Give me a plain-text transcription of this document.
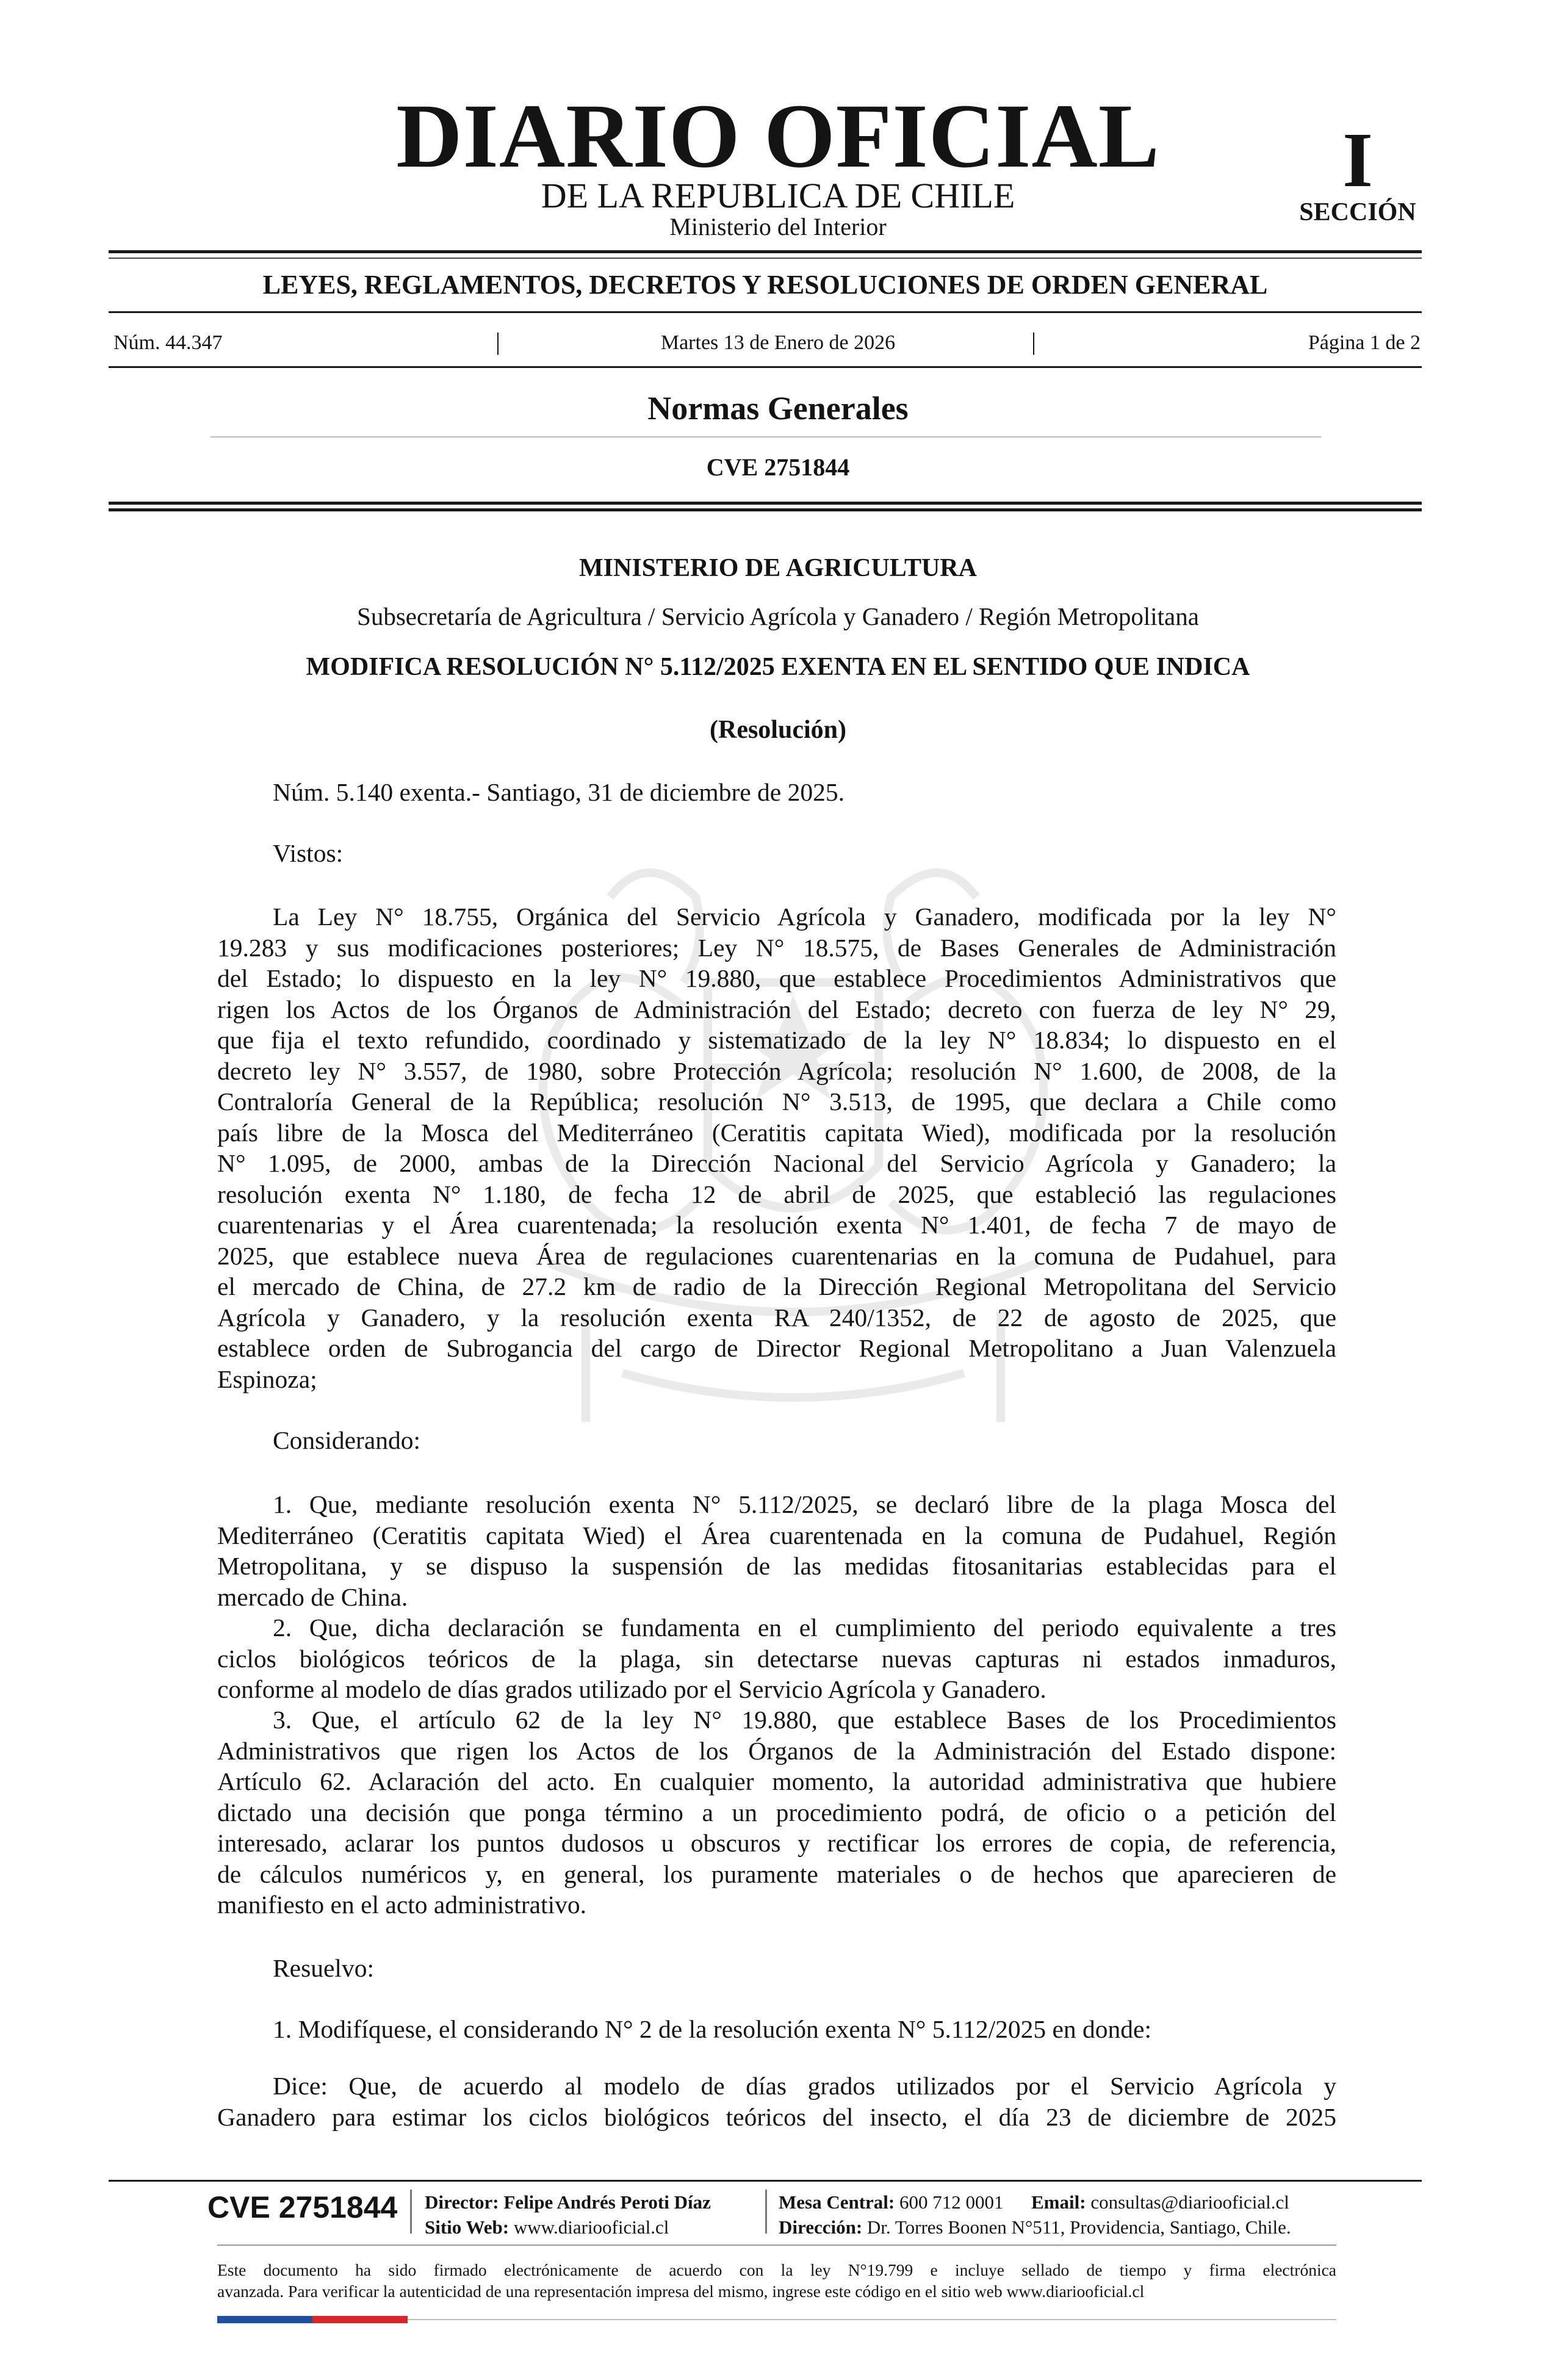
DIARIO OFICIAL
DE LA REPUBLICA DE CHILE
Ministerio del Interior
I
SECCIÓN
LEYES, REGLAMENTOS, DECRETOS Y RESOLUCIONES DE ORDEN GENERAL
Núm. 44.347	|	Martes 13 de Enero de 2026	|	Página 1 de 2
Normas Generales
CVE 2751844
MINISTERIO DE AGRICULTURA
Subsecretaría de Agricultura / Servicio Agrícola y Ganadero / Región Metropolitana
MODIFICA RESOLUCIÓN N° 5.112/2025 EXENTA EN EL SENTIDO QUE INDICA
(Resolución)
Núm. 5.140 exenta.- Santiago, 31 de diciembre de 2025.
Vistos:
La Ley N° 18.755, Orgánica del Servicio Agrícola y Ganadero, modificada por la ley N°
19.283 y sus modificaciones posteriores; Ley N° 18.575, de Bases Generales de Administración
del Estado; lo dispuesto en la ley N° 19.880, que establece Procedimientos Administrativos que
rigen los Actos de los Órganos de Administración del Estado; decreto con fuerza de ley N° 29,
que fija el texto refundido, coordinado y sistematizado de la ley N° 18.834; lo dispuesto en el
decreto ley N° 3.557, de 1980, sobre Protección Agrícola; resolución N° 1.600, de 2008, de la
Contraloría General de la República; resolución N° 3.513, de 1995, que declara a Chile como
país libre de la Mosca del Mediterráneo (Ceratitis capitata Wied), modificada por la resolución
N° 1.095, de 2000, ambas de la Dirección Nacional del Servicio Agrícola y Ganadero; la
resolución exenta N° 1.180, de fecha 12 de abril de 2025, que estableció las regulaciones
cuarentenarias y el Área cuarentenada; la resolución exenta N° 1.401, de fecha 7 de mayo de
2025, que establece nueva Área de regulaciones cuarentenarias en la comuna de Pudahuel, para
el mercado de China, de 27.2 km de radio de la Dirección Regional Metropolitana del Servicio
Agrícola y Ganadero, y la resolución exenta RA 240/1352, de 22 de agosto de 2025, que
establece orden de Subrogancia del cargo de Director Regional Metropolitano a Juan Valenzuela
Espinoza;
Considerando:
1. Que, mediante resolución exenta N° 5.112/2025, se declaró libre de la plaga Mosca del
Mediterráneo (Ceratitis capitata Wied) el Área cuarentenada en la comuna de Pudahuel, Región
Metropolitana, y se dispuso la suspensión de las medidas fitosanitarias establecidas para el
mercado de China.
2. Que, dicha declaración se fundamenta en el cumplimiento del periodo equivalente a tres
ciclos biológicos teóricos de la plaga, sin detectarse nuevas capturas ni estados inmaduros,
conforme al modelo de días grados utilizado por el Servicio Agrícola y Ganadero.
3. Que, el artículo 62 de la ley N° 19.880, que establece Bases de los Procedimientos
Administrativos que rigen los Actos de los Órganos de la Administración del Estado dispone:
Artículo 62. Aclaración del acto. En cualquier momento, la autoridad administrativa que hubiere
dictado una decisión que ponga término a un procedimiento podrá, de oficio o a petición del
interesado, aclarar los puntos dudosos u obscuros y rectificar los errores de copia, de referencia,
de cálculos numéricos y, en general, los puramente materiales o de hechos que aparecieren de
manifiesto en el acto administrativo.
Resuelvo:
1. Modifíquese, el considerando N° 2 de la resolución exenta N° 5.112/2025 en donde:
Dice: Que, de acuerdo al modelo de días grados utilizados por el Servicio Agrícola y
Ganadero para estimar los ciclos biológicos teóricos del insecto, el día 23 de diciembre de 2025
CVE 2751844 Director: Felipe Andrés Peroti Díaz
Sitio Web: www.diariooficial.cl
Mesa Central: 600 712 0001 Email: consultas@diariooficial.cl
Dirección: Dr. Torres Boonen N°511, Providencia, Santiago, Chile.
Este documento ha sido firmado electrónicamente de acuerdo con la ley N°19.799 e incluye sellado de tiempo y firma electrónica
avanzada. Para verificar la autenticidad de una representación impresa del mismo, ingrese este código en el sitio web www.diariooficial.cl
